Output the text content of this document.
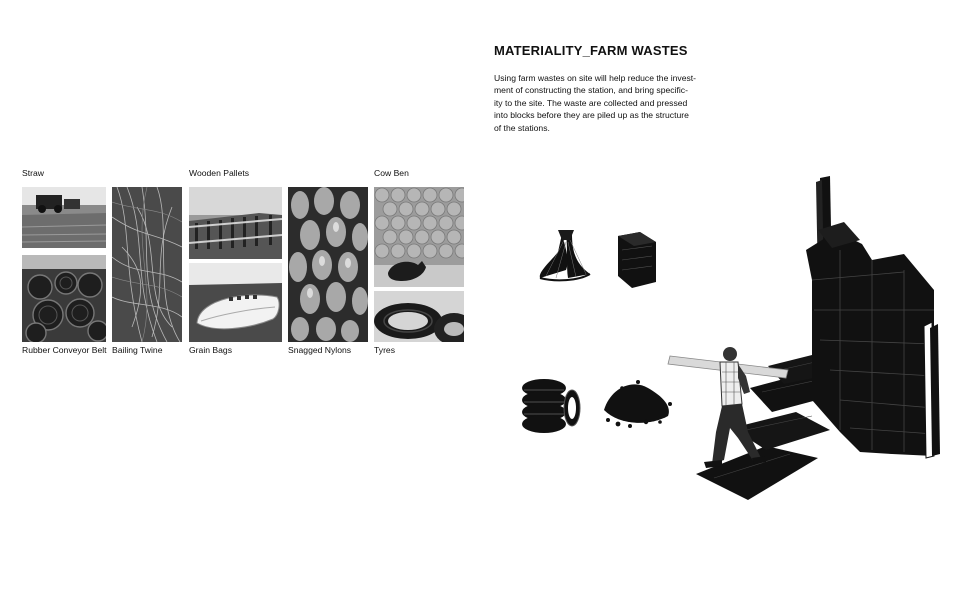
MATERIALITY_FARM WASTES
Using farm wastes on site will help reduce the invest-
ment of constructing the station, and bring specific-
ity to the site. The waste are collected and pressed
into blocks before they are piled up as the structure
of the stations.
Straw	Wooden Pallets	Cow Ben
Rubber Conveyor Belt Bailing Twine	Grain Bags	Snagged Nylons	Tyres
